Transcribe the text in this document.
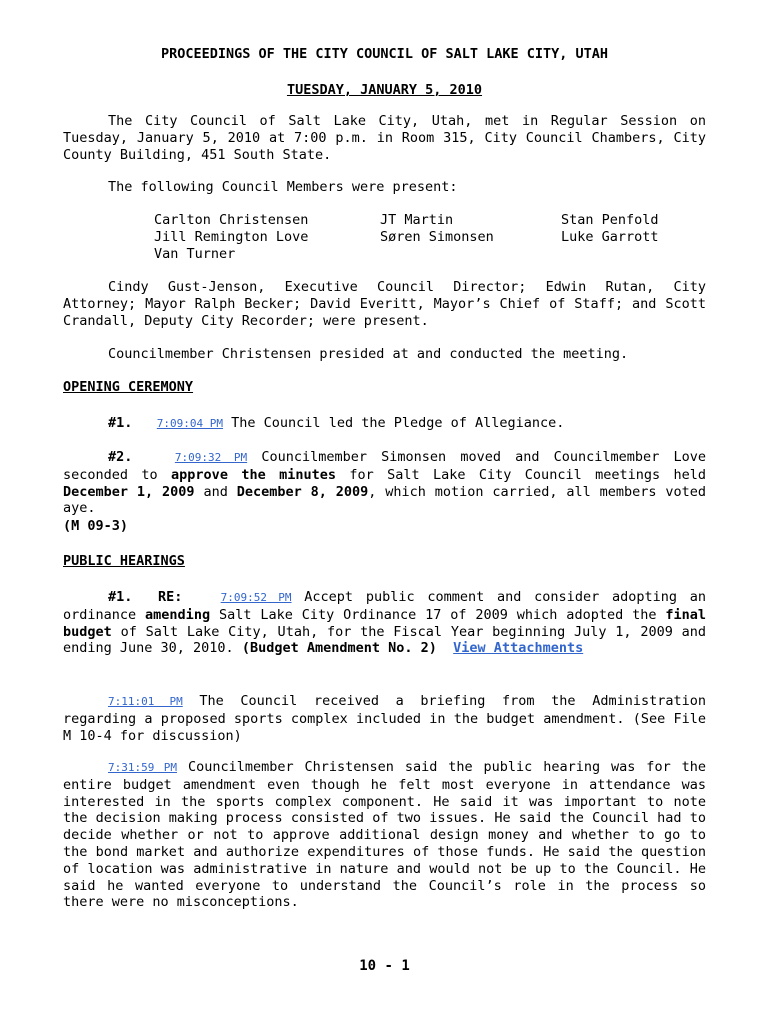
PROCEEDINGS OF THE CITY COUNCIL OF SALT LAKE CITY, UTAH

TUESDAY, JANUARY 5, 2010

The City Council of Salt Lake City, Utah, met in Regular Session on Tuesday, January 5, 2010 at 7:00 p.m. in Room 315, City Council Chambers, City County Building, 451 South State.

The following Council Members were present:

Carlton Christensen	JT Martin	Stan Penfold
Jill Remington Love	Søren Simonsen	Luke Garrott
Van Turner

Cindy Gust-Jenson, Executive Council Director; Edwin Rutan, City Attorney; Mayor Ralph Becker; David Everitt, Mayor’s Chief of Staff; and Scott Crandall, Deputy City Recorder; were present.

Councilmember Christensen presided at and conducted the meeting.

OPENING CEREMONY

#1. 7:09:04 PM The Council led the Pledge of Allegiance.

#2.	7:09:32 PM Councilmember Simonsen moved and Councilmember Love seconded to approve the minutes for Salt Lake City Council meetings held December 1, 2009 and December 8, 2009, which motion carried, all members voted aye.

(M 09-3)

PUBLIC HEARINGS

#1. RE:	7:09:52 PM Accept public comment and consider adopting an ordinance amending Salt Lake City Ordinance 17 of 2009 which adopted the final budget of Salt Lake City, Utah, for the Fiscal Year beginning July 1, 2009 and ending June 30, 2010. (Budget Amendment No. 2) View Attachments

7:11:01 PM The Council received a briefing from the Administration regarding a proposed sports complex included in the budget amendment. (See File M 10-4 for discussion)

7:31:59 PM Councilmember Christensen said the public hearing was for the entire budget amendment even though he felt most everyone in attendance was interested in the sports complex component. He said it was important to note the decision making process consisted of two issues. He said the Council had to decide whether or not to approve additional design money and whether to go to the bond market and authorize expenditures of those funds. He said the question of location was administrative in nature and would not be up to the Council. He said he wanted everyone to understand the Council’s role in the process so there were no misconceptions.

10 - 1
